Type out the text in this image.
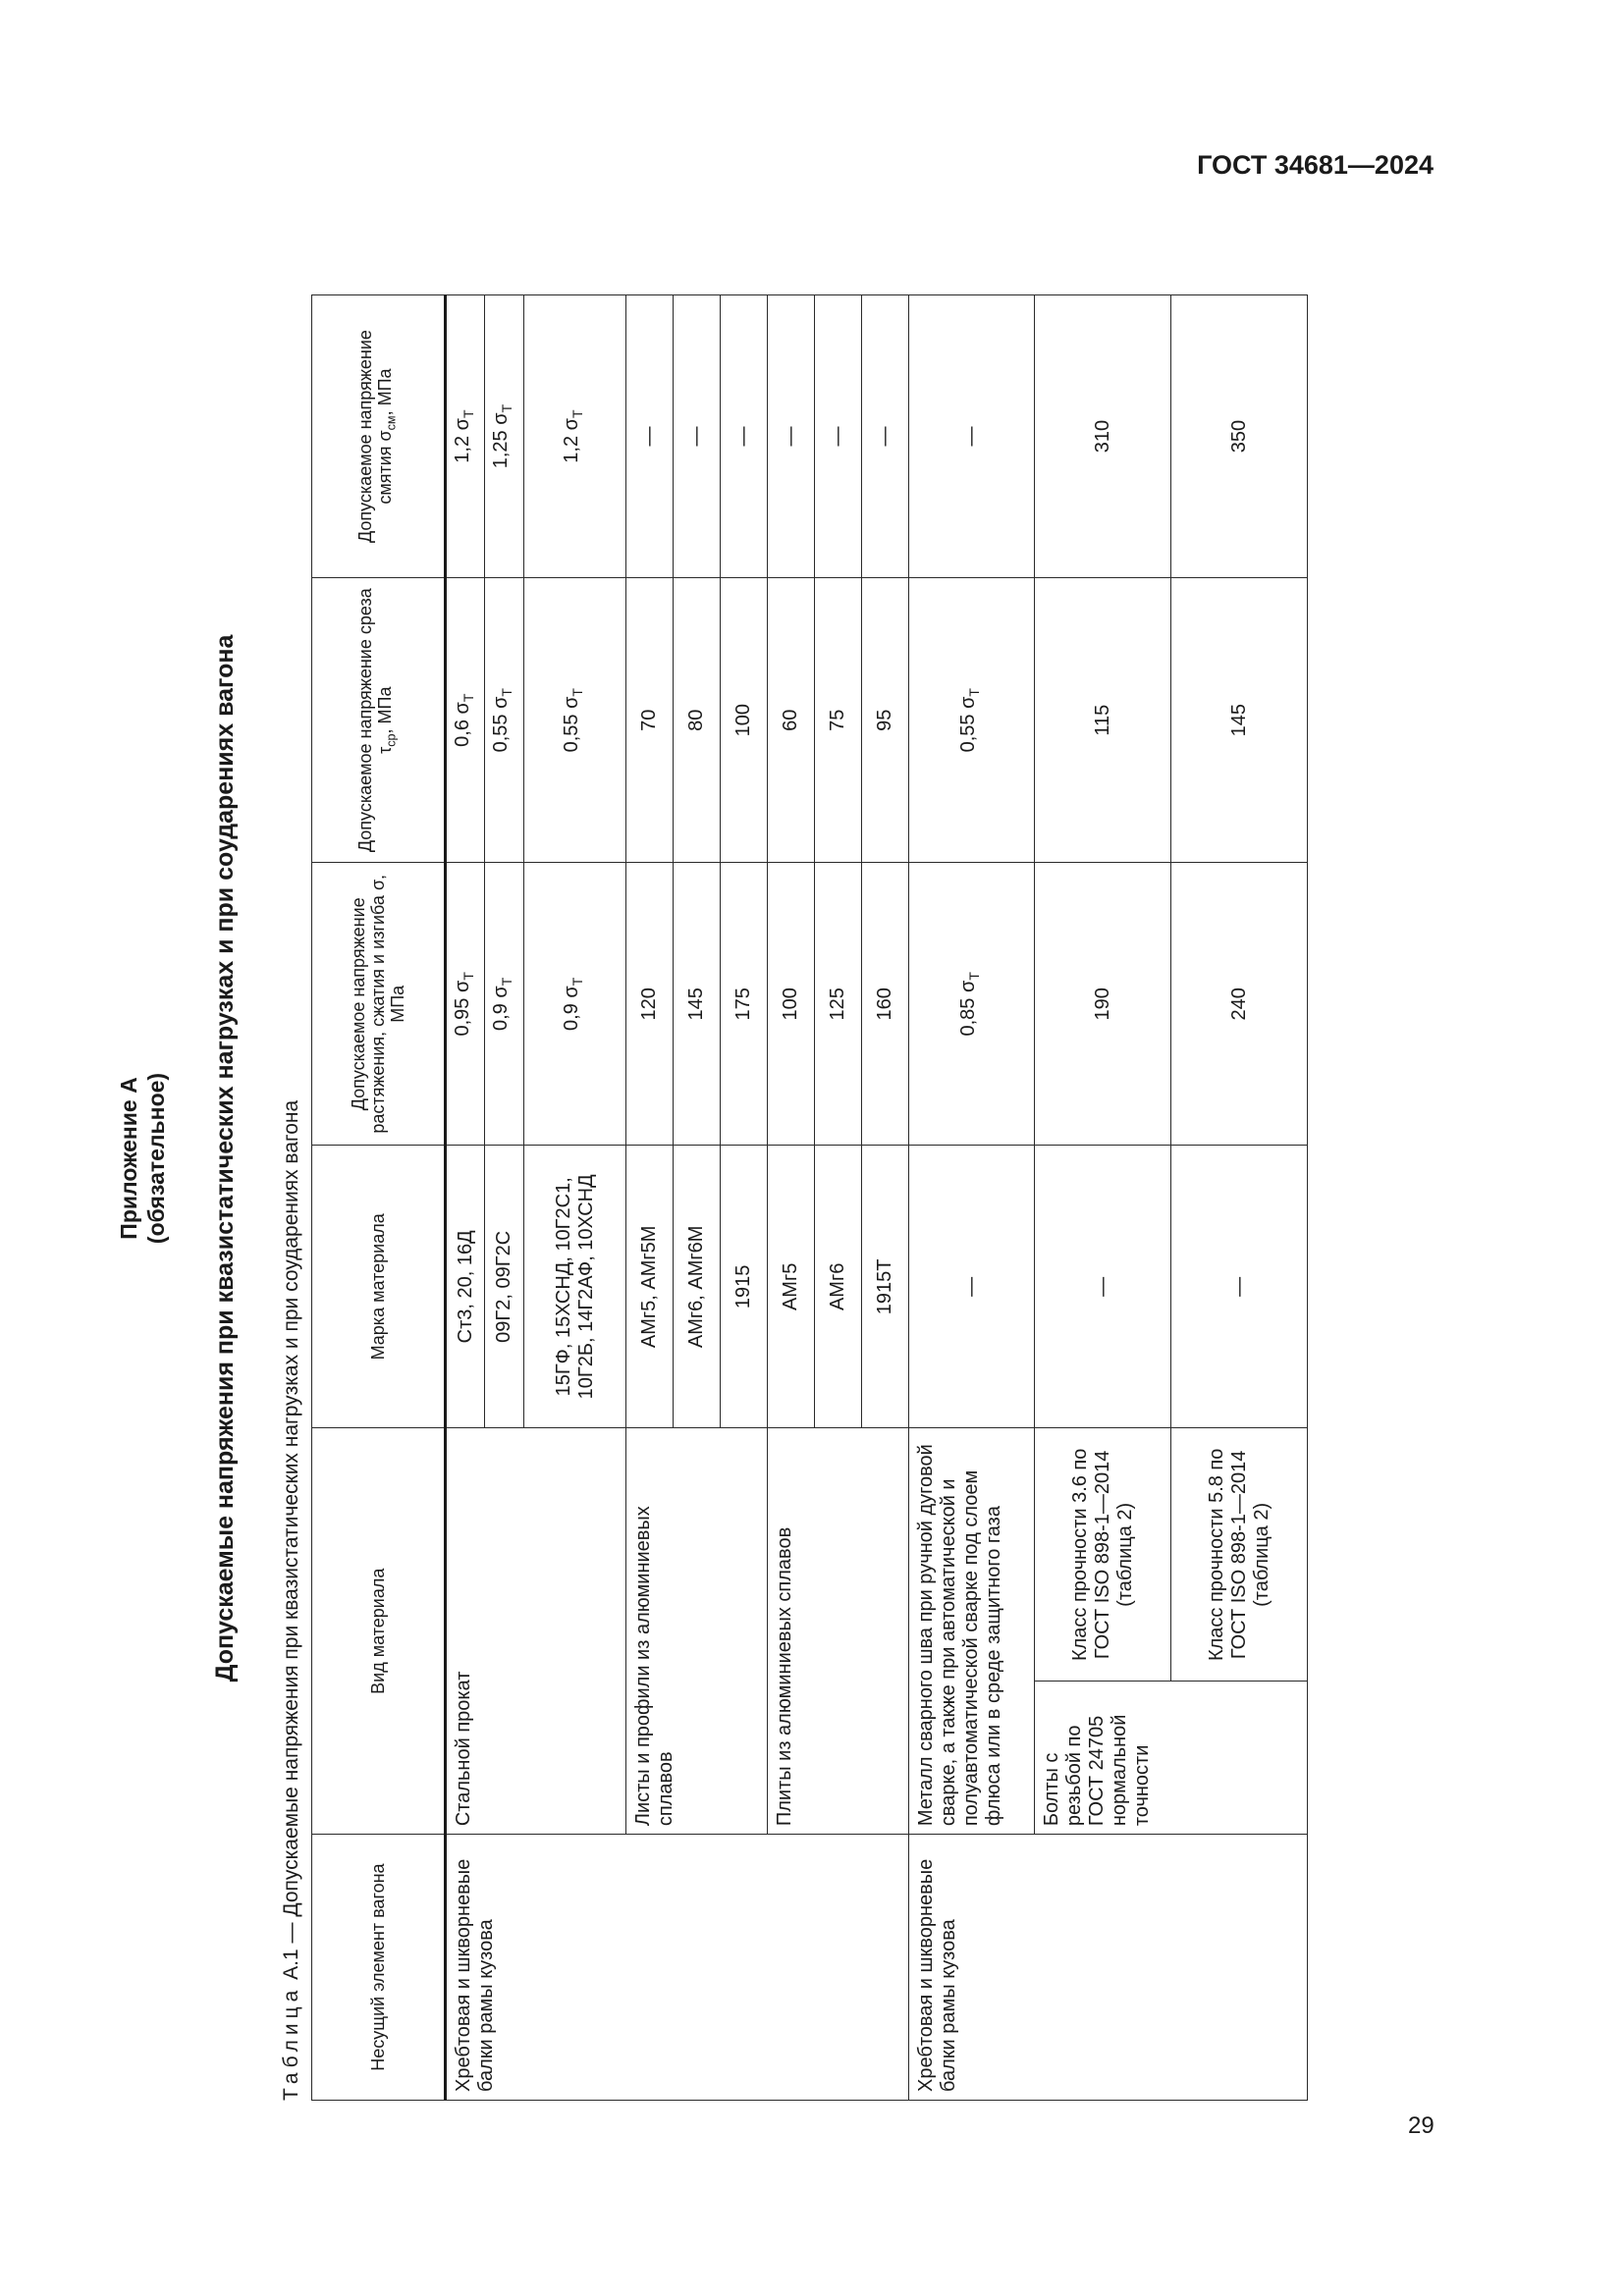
ГОСТ 34681—2024
Приложение А (обязательное) Допускаемые напряжения при квазистатических нагрузках и при соударениях вагона
Таблица А.1 — Допускаемые напряжения при квазистатических нагрузках и при соударениях вагона	Несущий элемент вагона	Вид материала		Марка материала	Допускаемое напряжение растяжения, сжатия и изгиба σ, МПа	Допускаемое напряжение среза $\tau_{ср}$, МПа	Допускаемое напряжение смятия $\sigma_{см}$, МПа
Хребтовая и шкворневые балки рамы кузова	Стальной прокат		Ст3, 20, 16Д	0,95 $\sigma_Т$	0,6 $\sigma_Т$	1,2 $\sigma_Т$
			09Г2, 09Г2С	0,9 $\sigma_Т$	0,55 $\sigma_Т$	1,25 $\sigma_Т$
			15ГФ, 15ХСНД, 10Г2С1, 10Г2Б, 14Г2АФ, 10ХСНД	0,9 $\sigma_Т$	0,55 $\sigma_Т$	1,2 $\sigma_Т$
	Листы и профили из алюминиевых сплавов		АМг5, АМг5М	120	70	—
			АМг6, АМг6М	145	80	—
			1915	175	100	—
	Плиты из алюминиевых сплавов		АМг5	100	60	—
			АМг6	125	75	—
			1915Т	160	95	—
Хребтовая и шкворневые балки рамы кузова	Металл сварного шва при ручной дуговой сварке, а также при автоматической и полуавтоматической сварке под слоем флюса или в среде защитного газа		—	0,85 $\sigma_Т$	0,55 $\sigma_Т$	—
	Болты с резьбой по ГОСТ 24705 нормальной точности	Класс прочности 3.6 по ГОСТ ISO 898-1—2014 (таблица 2)	—	190	115	310
		Класс прочности 5.8 по ГОСТ ISO 898-1—2014 (таблица 2)	—	240	145	350
29
